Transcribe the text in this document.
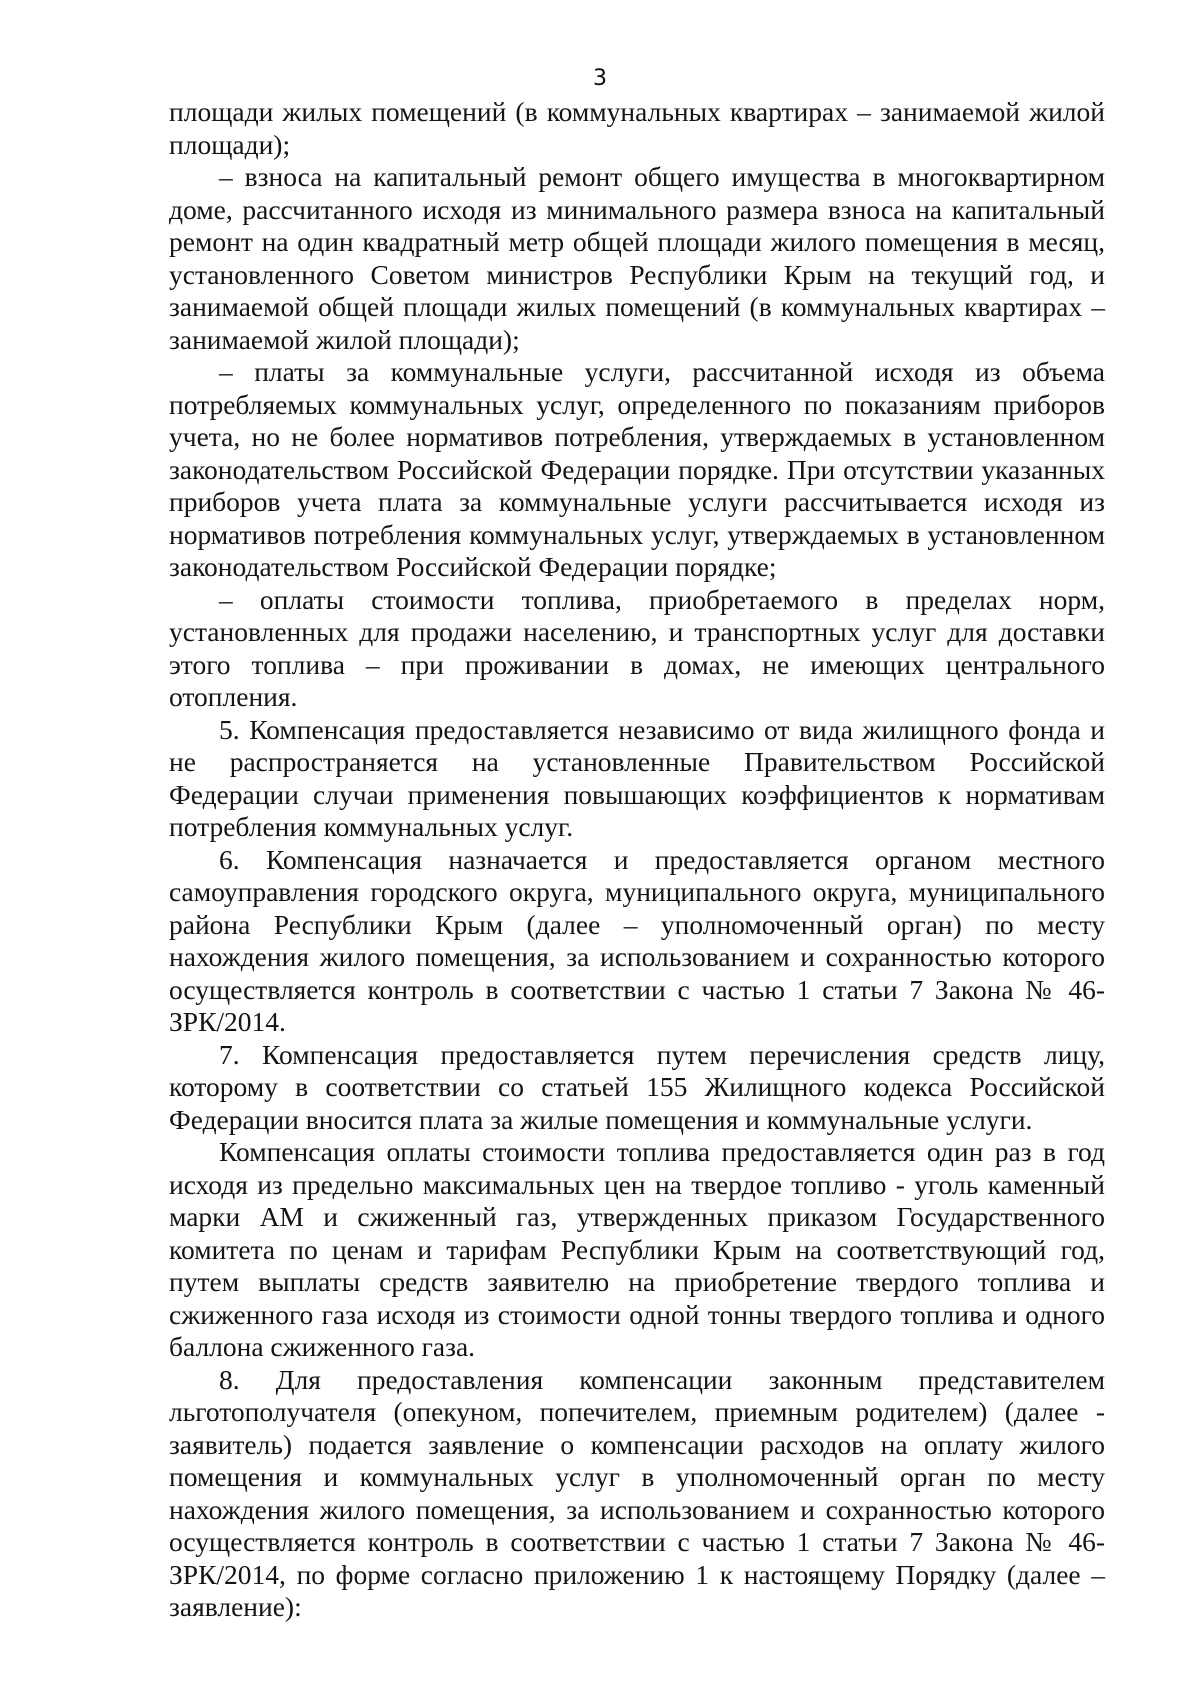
3

площади жилых помещений (в коммунальных квартирах – занимаемой жилой площади);

– взноса на капитальный ремонт общего имущества в многоквартирном доме, рассчитанного исходя из минимального размера взноса на капитальный ремонт на один квадратный метр общей площади жилого помещения в месяц, установленного Советом министров Республики Крым на текущий год, и занимаемой общей площади жилых помещений (в коммунальных квартирах – занимаемой жилой площади);

– платы за коммунальные услуги, рассчитанной исходя из объема потребляемых коммунальных услуг, определенного по показаниям приборов учета, но не более нормативов потребления, утверждаемых в установленном законодательством Российской Федерации порядке. При отсутствии указанных приборов учета плата за коммунальные услуги рассчитывается исходя из нормативов потребления коммунальных услуг, утверждаемых в установленном законодательством Российской Федерации порядке;

– оплаты стоимости топлива, приобретаемого в пределах норм, установленных для продажи населению, и транспортных услуг для доставки этого топлива – при проживании в домах, не имеющих центрального отопления.

5. Компенсация предоставляется независимо от вида жилищного фонда и не распространяется на установленные Правительством Российской Федерации случаи применения повышающих коэффициентов к нормативам потребления коммунальных услуг.

6. Компенсация назначается и предоставляется органом местного самоуправления городского округа, муниципального округа, муниципального района Республики Крым (далее – уполномоченный орган) по месту нахождения жилого помещения, за использованием и сохранностью которого осуществляется контроль в соответствии с частью 1 статьи 7 Закона № 46-ЗРК/2014.

7. Компенсация предоставляется путем перечисления средств лицу, которому в соответствии со статьей 155 Жилищного кодекса Российской Федерации вносится плата за жилые помещения и коммунальные услуги.

Компенсация оплаты стоимости топлива предоставляется один раз в год исходя из предельно максимальных цен на твердое топливо - уголь каменный марки АМ и сжиженный газ, утвержденных приказом Государственного комитета по ценам и тарифам Республики Крым на соответствующий год, путем выплаты средств заявителю на приобретение твердого топлива и сжиженного газа исходя из стоимости одной тонны твердого топлива и одного баллона сжиженного газа.

8. Для предоставления компенсации законным представителем льготополучателя (опекуном, попечителем, приемным родителем) (далее - заявитель) подается заявление о компенсации расходов на оплату жилого помещения и коммунальных услуг в уполномоченный орган по месту нахождения жилого помещения, за использованием и сохранностью которого осуществляется контроль в соответствии с частью 1 статьи 7 Закона № 46-ЗРК/2014, по форме согласно приложению 1 к настоящему Порядку (далее – заявление):
